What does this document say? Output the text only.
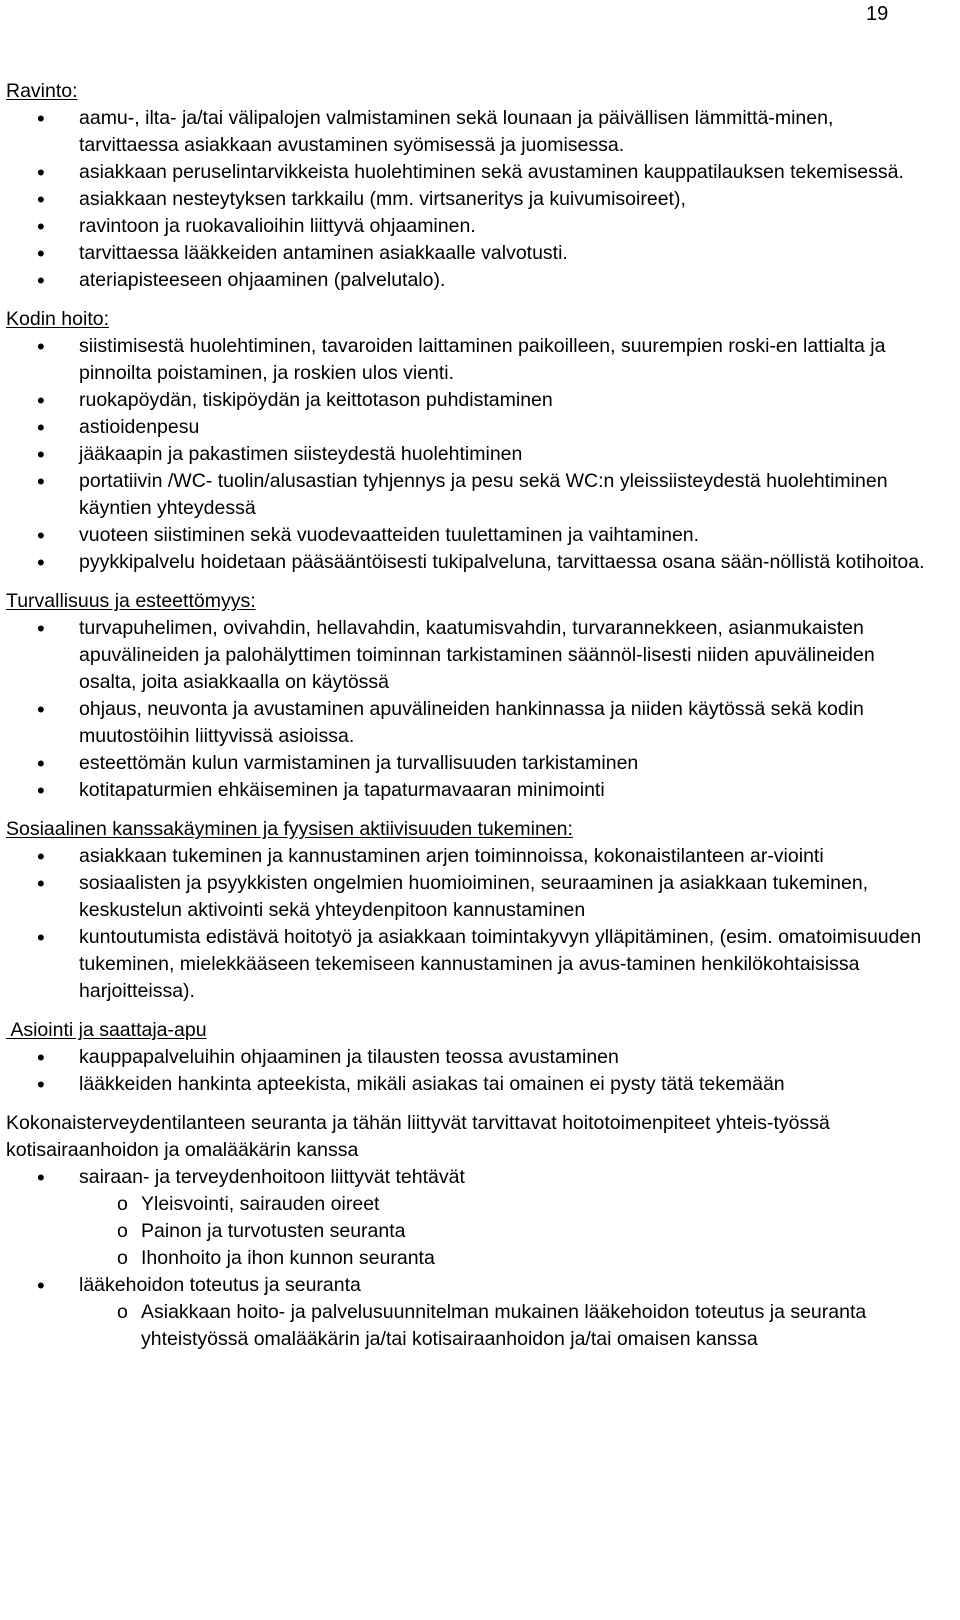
19
Ravinto:
• aamu-, ilta- ja/tai välipalojen valmistaminen sekä lounaan ja päivällisen lämmittä-minen, tarvittaessa asiakkaan avustaminen syömisessä ja juomisessa.
• asiakkaan peruselintarvikkeista huolehtiminen sekä avustaminen kauppatilauksen tekemisessä.
• asiakkaan nesteytyksen tarkkailu (mm. virtsaneritys ja kuivumisoireet),
• ravintoon ja ruokavalioihin liittyvä ohjaaminen.
• tarvittaessa lääkkeiden antaminen asiakkaalle valvotusti.
• ateriapisteeseen ohjaaminen (palvelutalo).
Kodin hoito:
• siistimisestä huolehtiminen, tavaroiden laittaminen paikoilleen, suurempien roski-en lattialta ja pinnoilta poistaminen, ja roskien ulos vienti.
• ruokapöydän, tiskipöydän ja keittotason puhdistaminen
• astioidenpesu
• jääkaapin ja pakastimen siisteydestä huolehtiminen
• portatiivin /WC- tuolin/alusastian tyhjennys ja pesu sekä WC:n yleissiisteydestä huolehtiminen käyntien yhteydessä
• vuoteen siistiminen sekä vuodevaatteiden tuulettaminen ja vaihtaminen.
• pyykkipalvelu hoidetaan pääsääntöisesti tukipalveluna, tarvittaessa osana sään-nöllistä kotihoitoa.
Turvallisuus ja esteettömyys:
• turvapuhelimen, ovivahdin, hellavahdin, kaatumisvahdin, turvarannekkeen, asianmukaisten apuvälineiden ja palohälyttimen toiminnan tarkistaminen säännöl-lisesti niiden apuvälineiden osalta, joita asiakkaalla on käytössä
• ohjaus, neuvonta ja avustaminen apuvälineiden hankinnassa ja niiden käytössä sekä kodin muutostöihin liittyvissä asioissa.
• esteettömän kulun varmistaminen ja turvallisuuden tarkistaminen
• kotitapaturmien ehkäiseminen ja tapaturmavaaran minimointi
Sosiaalinen kanssakäyminen ja fyysisen aktiivisuuden tukeminen:
• asiakkaan tukeminen ja kannustaminen arjen toiminnoissa, kokonaistilanteen ar-viointi
• sosiaalisten ja psyykkisten ongelmien huomioiminen, seuraaminen ja asiakkaan tukeminen, keskustelun aktivointi sekä yhteydenpitoon kannustaminen
• kuntoutumista edistävä hoitotyö ja asiakkaan toimintakyvyn ylläpitäminen, (esim. omatoimisuuden tukeminen, mielekkääseen tekemiseen kannustaminen ja avus-taminen henkilökohtaisissa harjoitteissa).
Asiointi ja saattaja-apu
• kauppapalveluihin ohjaaminen ja tilausten teossa avustaminen
• lääkkeiden hankinta apteekista, mikäli asiakas tai omainen ei pysty tätä tekemään
Kokonaisterveydentilanteen seuranta ja tähän liittyvät tarvittavat hoitotoimenpiteet yhteis-työssä kotisairaanhoidon ja omalääkärin kanssa
• sairaan- ja terveydenhoitoon liittyvät tehtävät
o Yleisvointi, sairauden oireet
o Painon ja turvotusten seuranta
o Ihonhoito ja ihon kunnon seuranta
• lääkehoidon toteutus ja seuranta
o Asiakkaan hoito- ja palvelusuunnitelman mukainen lääkehoidon toteutus ja seuranta yhteistyössä omalääkärin ja/tai kotisairaanhoidon ja/tai omaisen kanssa
